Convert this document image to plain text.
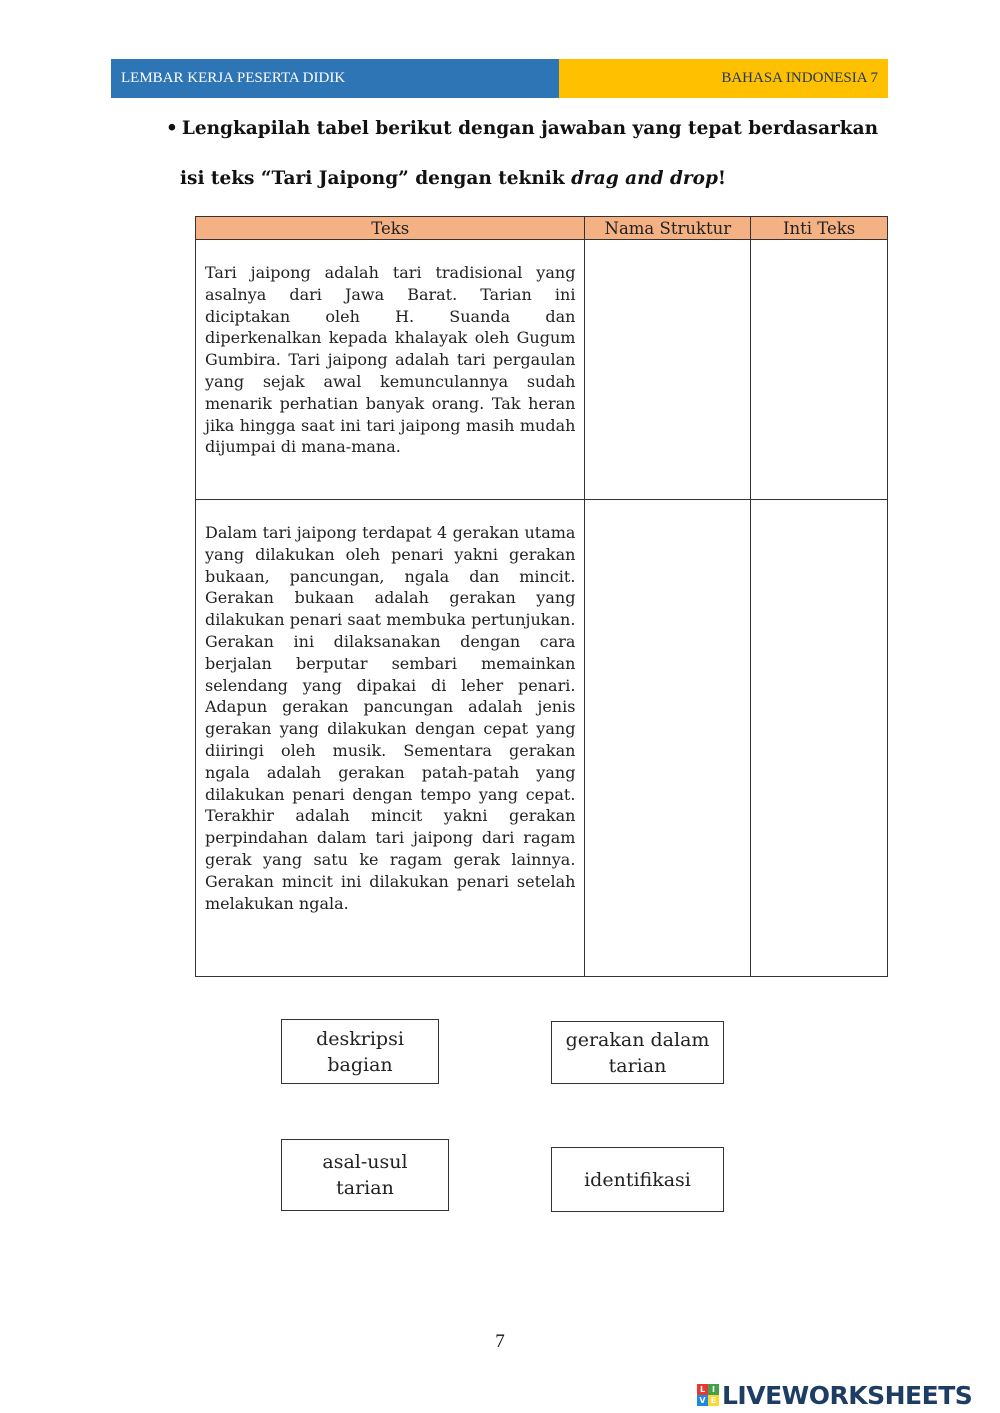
LEMBAR KERJA PESERTA DIDIK	BAHASA INDONESIA 7
• Lengkapilah tabel berikut dengan jawaban yang tepat berdasarkan
isi teks “Tari Jaipong” dengan teknik drag and drop!
Teks	Nama Struktur	Inti Teks
Tari jaipong adalah tari tradisional yang asalnya dari Jawa Barat. Tarian ini diciptakan oleh H. Suanda dan diperkenalkan kepada khalayak oleh Gugum Gumbira. Tari jaipong adalah tari pergaulan yang sejak awal kemunculannya sudah menarik perhatian banyak orang. Tak heran jika hingga saat ini tari jaipong masih mudah dijumpai di mana-mana.		
Dalam tari jaipong terdapat 4 gerakan utama yang dilakukan oleh penari yakni gerakan bukaan, pancungan, ngala dan mincit. Gerakan bukaan adalah gerakan yang dilakukan penari saat membuka pertunjukan. Gerakan ini dilaksanakan dengan cara berjalan berputar sembari memainkan selendang yang dipakai di leher penari. Adapun gerakan pancungan adalah jenis gerakan yang dilakukan dengan cepat yang diiringi oleh musik. Sementara gerakan ngala adalah gerakan patah-patah yang dilakukan penari dengan tempo yang cepat. Terakhir adalah mincit yakni gerakan perpindahan dalam tari jaipong dari ragam gerak yang satu ke ragam gerak lainnya. Gerakan mincit ini dilakukan penari setelah melakukan ngala.		
deskripsi
bagian
gerakan dalam
tarian
asal-usul
tarian	identifikasi
7
L I
V E LIVEWORKSHEETS
